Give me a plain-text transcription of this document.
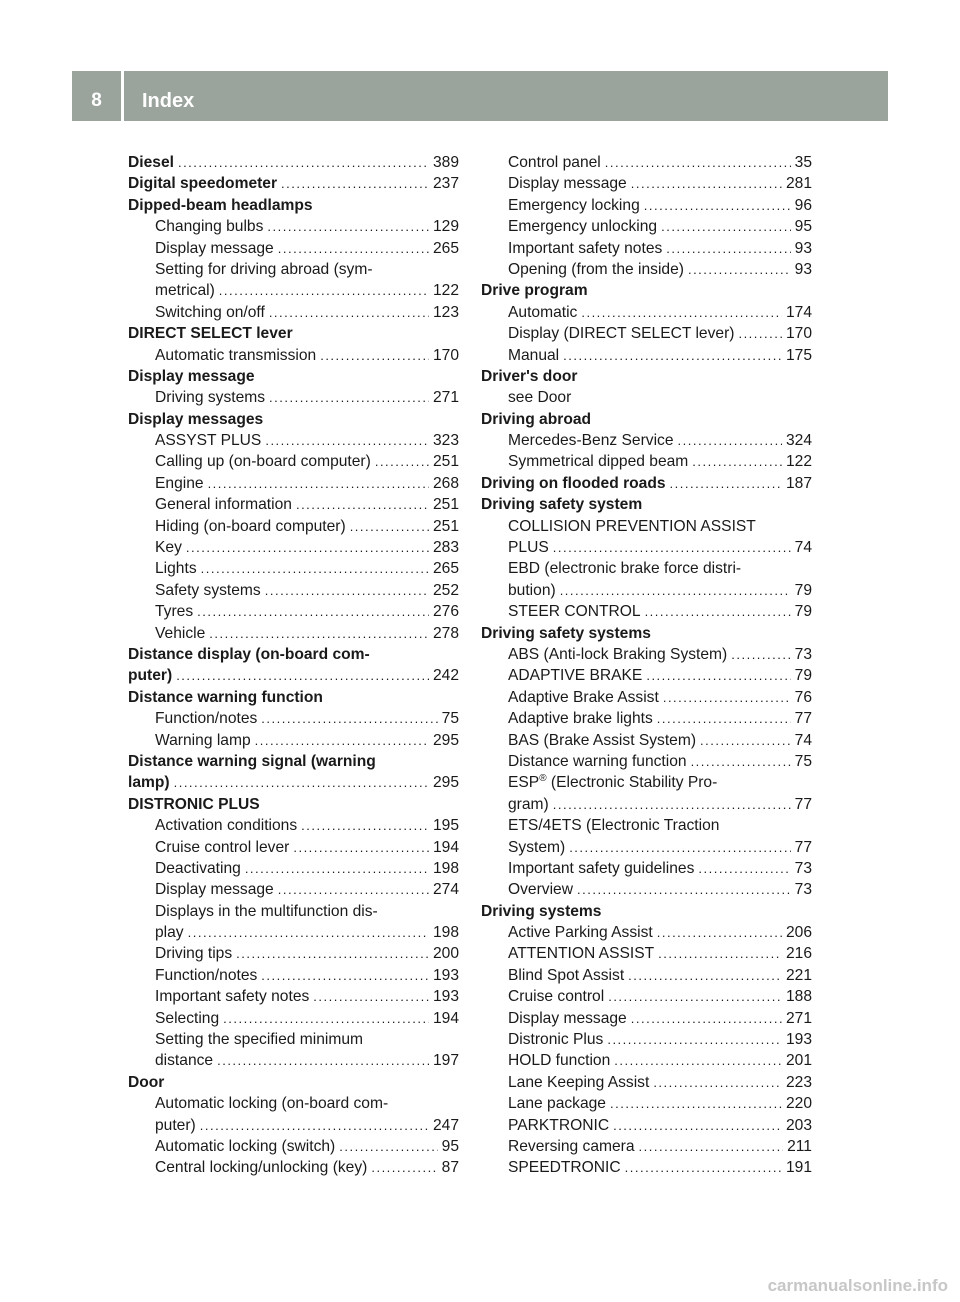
8	Index
Diesel .....	389
Digital speedometer .....	237
Dipped-beam headlamps
Changing bulbs .....	129
Display message .....	265
Setting for driving abroad (sym-
metrical) .....	122
Switching on/off .....	123
DIRECT SELECT lever
Automatic transmission .....	170
Display message
Driving systems .....	271
Display messages
ASSYST PLUS .....	323
Calling up (on-board computer) .....	251
Engine .....	268
General information .....	251
Hiding (on-board computer) .....	251
Key .....	283
Lights .....	265
Safety systems .....	252
Tyres .....	276
Vehicle .....	278
Distance display (on-board com-
puter) .....	242
Distance warning function
Function/notes .....	75
Warning lamp .....	295
Distance warning signal (warning
lamp) .....	295
DISTRONIC PLUS
Activation conditions .....	195
Cruise control lever .....	194
Deactivating .....	198
Display message .....	274
Displays in the multifunction dis-
play .....	198
Driving tips .....	200
Function/notes .....	193
Important safety notes .....	193
Selecting .....	194
Setting the specified minimum
distance .....	197
Door
Automatic locking (on-board com-
puter) .....	247
Automatic locking (switch) .....	95
Central locking/unlocking (key) .....	87
Control panel .....	35
Display message .....	281
Emergency locking .....	96
Emergency unlocking .....	95
Important safety notes .....	93
Opening (from the inside) .....	93
Drive program
Automatic .....	174
Display (DIRECT SELECT lever) .....	170
Manual .....	175
Driver's door
see Door
Driving abroad
Mercedes-Benz Service .....	324
Symmetrical dipped beam .....	122
Driving on flooded roads .....	187
Driving safety system
COLLISION PREVENTION ASSIST
PLUS .....	74
EBD (electronic brake force distri-
bution) .....	79
STEER CONTROL .....	79
Driving safety systems
ABS (Anti-lock Braking System) .....	73
ADAPTIVE BRAKE .....	79
Adaptive Brake Assist .....	76
Adaptive brake lights .....	77
BAS (Brake Assist System) .....	74
Distance warning function .....	75
ESP® (Electronic Stability Pro-
gram) .....	77
ETS/4ETS (Electronic Traction
System) .....	77
Important safety guidelines .....	73
Overview .....	73
Driving systems
Active Parking Assist .....	206
ATTENTION ASSIST .....	216
Blind Spot Assist .....	221
Cruise control .....	188
Display message .....	271
Distronic Plus .....	193
HOLD function .....	201
Lane Keeping Assist .....	223
Lane package .....	220
PARKTRONIC .....	203
Reversing camera .....	211
SPEEDTRONIC .....	191
carmanualsonline.info
